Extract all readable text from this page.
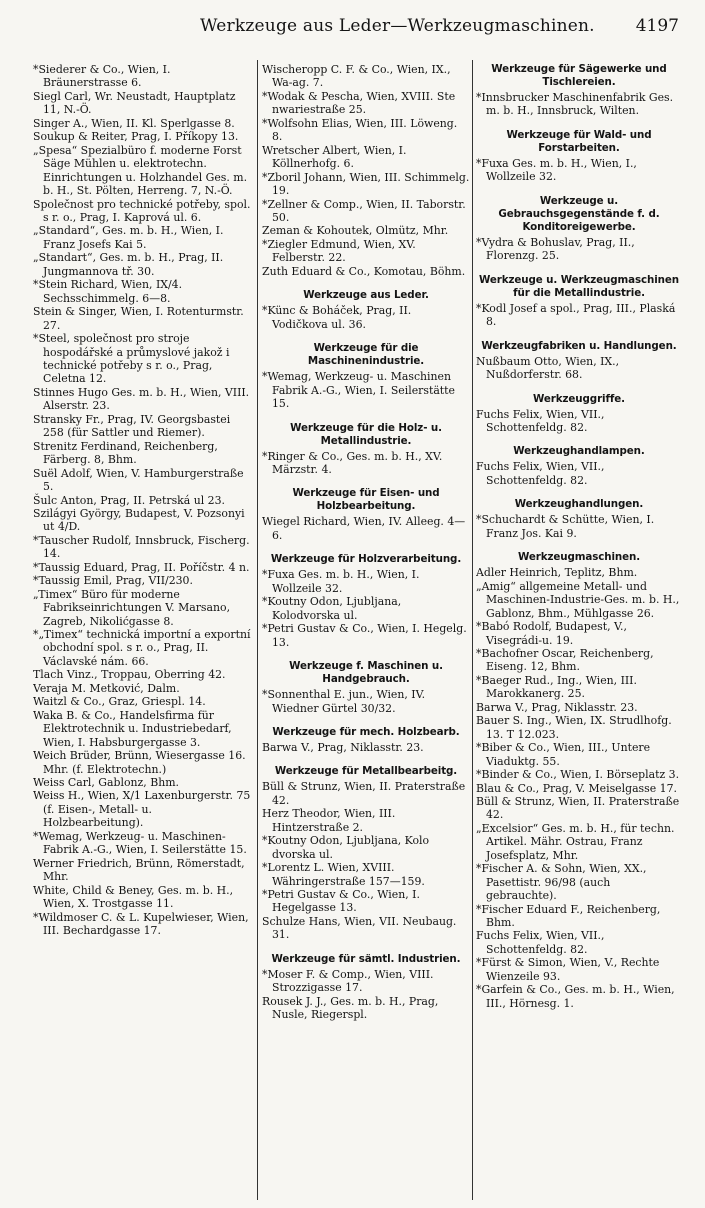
Werkzeuge aus Leder—Werkzeugmaschinen. 4197

*Siederer & Co., Wien, I. Bräunerstrasse 6.

Siegl Carl, Wr. Neustadt, Hauptplatz 11, N.-Ö.

Singer A., Wien, II. Kl. Sperlgasse 8.

Soukup & Reiter, Prag, I. Příkopy 13.

„Spesa“ Spezialbüro f. moderne Forst Säge Mühlen u. elektrotechn. Einrichtungen u. Holzhandel Ges. m. b. H., St. Pölten, Herreng. 7, N.-Ö.

Společnost pro technické potřeby, spol. s r. o., Prag, I. Kaprová ul. 6.

„Standard“, Ges. m. b. H., Wien, I. Franz Josefs Kai 5.

„Standart“, Ges. m. b. H., Prag, II. Jungmannova tř. 30.

*Stein Richard, Wien, IX/4. Sechsschimmelg. 6—8.

Stein & Singer, Wien, I. Rotenturmstr. 27.

*Steel, společnost pro stroje hospodářské a průmyslové jakož i technické potřeby s r. o., Prag, Celetna 12.

Stinnes Hugo Ges. m. b. H., Wien, VIII. Alserstr. 23.

Stransky Fr., Prag, IV. Georgsbastei 258 (für Sattler und Riemer).

Strenitz Ferdinand, Reichenberg, Färberg. 8, Bhm.

Suël Adolf, Wien, V. Hamburgerstraße 5.

Šulc Anton, Prag, II. Petrská ul 23.

Szilágyi György, Budapest, V. Pozsonyi ut 4/D.

*Tauscher Rudolf, Innsbruck, Fischerg. 14.

*Taussig Eduard, Prag, II. Poříčstr. 4 n.

*Taussig Emil, Prag, VII/230.

„Timex“ Büro für moderne Fabrikseinrichtungen V. Marsano, Zagreb, Nikolićgasse 8.

*„Timex“ technická importní a exportní obchodní spol. s r. o., Prag, II. Václavské nám. 66.

Tlach Vinz., Troppau, Oberring 42.

Veraja M. Metković, Dalm.

Waitzl & Co., Graz, Griespl. 14.

Waka B. & Co., Handelsfirma für Elektrotechnik u. Industriebedarf, Wien, I. Habsburgergasse 3.

Weich Brüder, Brünn, Wiesergasse 16. Mhr. (f. Elektrotechn.)

Weiss Carl, Gablonz, Bhm.

Weiss H., Wien, X/1 Laxenburgerstr. 75 (f. Eisen-, Metall- u. Holzbearbeitung).

*Wemag, Werkzeug- u. Maschinen-Fabrik A.-G., Wien, I. Seilerstätte 15.

Werner Friedrich, Brünn, Römerstadt, Mhr.

White, Child & Beney, Ges. m. b. H., Wien, X. Trostgasse 11.

*Wildmoser C. & L. Kupelwieser, Wien, III. Bechardgasse 17.

Wischeropp C. F. & Co., Wien, IX., Wa-ag. 7.

*Wodak & Pescha, Wien, XVIII. Ste nwariestraße 25.

*Wolfsohn Elias, Wien, III. Löweng. 8.

Wretscher Albert, Wien, I. Köllnerhofg. 6.

*Zboril Johann, Wien, III. Schimmelg. 19.

*Zellner & Comp., Wien, II. Taborstr. 50.

Zeman & Kohoutek, Olmütz, Mhr.

*Ziegler Edmund, Wien, XV. Felberstr. 22.

Zuth Eduard & Co., Komotau, Böhm.

Werkzeuge aus Leder.

*Künc & Boháček, Prag, II. Vodičkova ul. 36.

Werkzeuge für die Maschinenindustrie.

*Wemag, Werkzeug- u. Maschinen Fabrik A.-G., Wien, I. Seilerstätte 15.

Werkzeuge für die Holz- u. Metallindustrie.

*Ringer & Co., Ges. m. b. H., XV. Märzstr. 4.

Werkzeuge für Eisen- und Holzbearbeitung.

Wiegel Richard, Wien, IV. Alleeg. 4—6.

Werkzeuge für Holzverarbeitung.

*Fuxa Ges. m. b. H., Wien, I. Wollzeile 32.

*Koutny Odon, Ljubljana, Kolodvorska ul.

*Petri Gustav & Co., Wien, I. Hegelg. 13.

Werkzeuge f. Maschinen u. Handgebrauch.

*Sonnenthal E. jun., Wien, IV. Wiedner Gürtel 30/32.

Werkzeuge für mech. Holzbearb.

Barwa V., Prag, Niklasstr. 23.

Werkzeuge für Metallbearbeitg.

Büll & Strunz, Wien, II. Praterstraße 42.

Herz Theodor, Wien, III. Hintzerstraße 2.

*Koutny Odon, Ljubljana, Kolo dvorska ul.

*Lorentz L. Wien, XVIII. Währingerstraße 157—159.

*Petri Gustav & Co., Wien, I. Hegelgasse 13.

Schulze Hans, Wien, VII. Neubaug. 31.

Werkzeuge für sämtl. Industrien.

*Moser F. & Comp., Wien, VIII. Strozzigasse 17.

Rousek J. J., Ges. m. b. H., Prag, Nusle, Riegerspl.

Werkzeuge für Sägewerke und Tischlereien.

*Innsbrucker Maschinenfabrik Ges. m. b. H., Innsbruck, Wilten.

Werkzeuge für Wald- und Forstarbeiten.

*Fuxa Ges. m. b. H., Wien, I., Wollzeile 32.

Werkzeuge u. Gebrauchsgegenstände f. d. Konditoreigewerbe.

*Vydra & Bohuslav, Prag, II., Florenzg. 25.

Werkzeuge u. Werkzeugmaschinen für die Metallindustrie.

*Kodl Josef a spol., Prag, III., Plaská 8.

Werkzeugfabriken u. Handlungen.

Nußbaum Otto, Wien, IX., Nußdorferstr. 68.

Werkzeuggriffe.

Fuchs Felix, Wien, VII., Schottenfeldg. 82.

Werkzeughandlampen.

Fuchs Felix, Wien, VII., Schottenfeldg. 82.

Werkzeughandlungen.

*Schuchardt & Schütte, Wien, I. Franz Jos. Kai 9.

Werkzeugmaschinen.

Adler Heinrich, Teplitz, Bhm.

„Amig“ allgemeine Metall- und Maschinen-Industrie-Ges. m. b. H., Gablonz, Bhm., Mühlgasse 26.

*Babó Rodolf, Budapest, V., Visegrádi-u. 19.

*Bachofner Oscar, Reichenberg, Eiseng. 12, Bhm.

*Baeger Rud., Ing., Wien, III. Marokkanerg. 25.

Barwa V., Prag, Niklasstr. 23.

Bauer S. Ing., Wien, IX. Strudlhofg. 13. T 12.023.

*Biber & Co., Wien, III., Untere Viaduktg. 55.

*Binder & Co., Wien, I. Börseplatz 3.

Blau & Co., Prag, V. Meiselgasse 17.

Büll & Strunz, Wien, II. Praterstraße 42.

„Excelsior“ Ges. m. b. H., für techn. Artikel. Mähr. Ostrau, Franz Josefsplatz, Mhr.

*Fischer A. & Sohn, Wien, XX., Pasettistr. 96/98 (auch gebrauchte).

*Fischer Eduard F., Reichenberg, Bhm.

Fuchs Felix, Wien, VII., Schottenfeldg. 82.

*Fürst & Simon, Wien, V., Rechte Wienzeile 93.

*Garfein & Co., Ges. m. b. H., Wien, III., Hörnesg. 1.
